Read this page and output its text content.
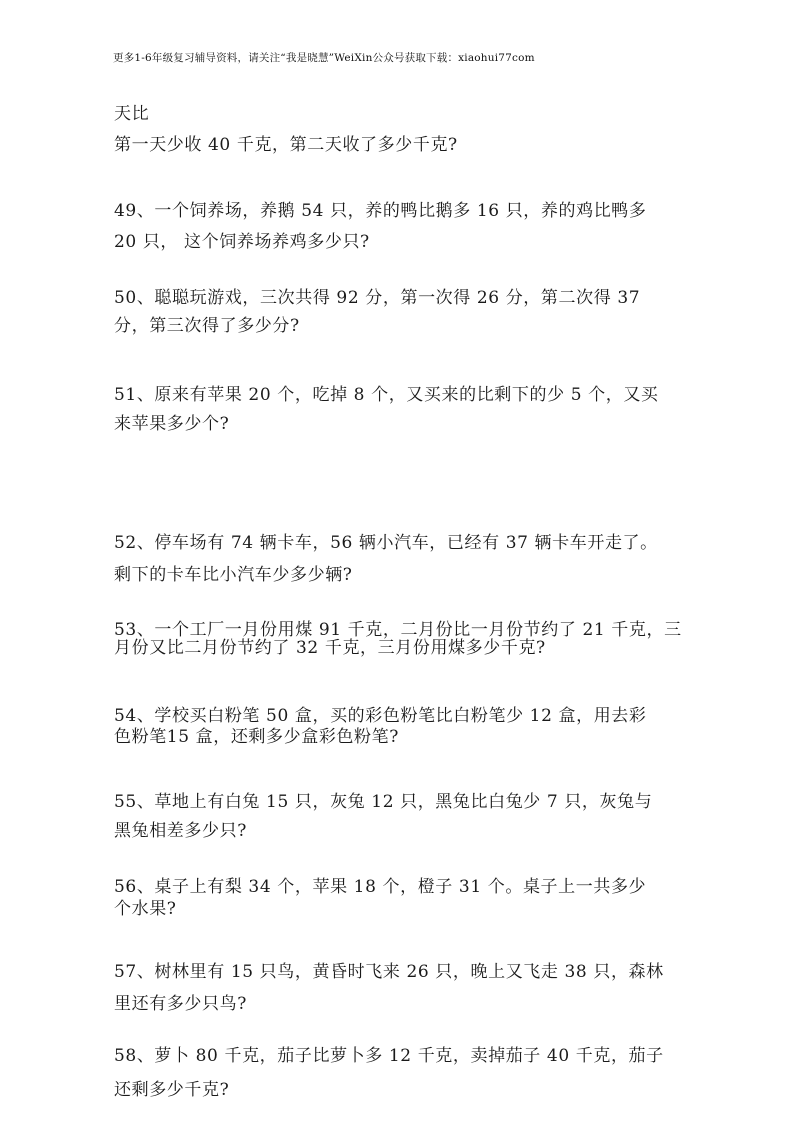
更多1-6年级复习辅导资料，请关注“我是晓慧”WeiXin公众号获取下载：xiaohui77com
天比
第一天少收 40 千克，第二天收了多少千克?
49、一个饲养场，养鹅 54 只，养的鸭比鹅多 16 只，养的鸡比鸭多
20 只， 这个饲养场养鸡多少只?
50、聪聪玩游戏，三次共得 92 分，第一次得 26 分，第二次得 37
分，第三次得了多少分?
51、原来有苹果 20 个，吃掉 8 个，又买来的比剩下的少 5 个，又买
来苹果多少个?
52、停车场有 74 辆卡车，56 辆小汽车，已经有 37 辆卡车开走了。
剩下的卡车比小汽车少多少辆?
53、一个工厂一月份用煤 91 千克，二月份比一月份节约了 21 千克，三
月份又比二月份节约了 32 千克，三月份用煤多少千克?
54、学校买白粉笔 50 盒，买的彩色粉笔比白粉笔少 12 盒，用去彩
色粉笔15 盒，还剩多少盒彩色粉笔?
55、草地上有白兔 15 只，灰兔 12 只，黑兔比白兔少 7 只，灰兔与
黑兔相差多少只?
56、桌子上有梨 34 个，苹果 18 个，橙子 31 个。桌子上一共多少
个水果?
57、树林里有 15 只鸟，黄昏时飞来 26 只，晚上又飞走 38 只，森林
里还有多少只鸟?
58、萝卜 80 千克，茄子比萝卜多 12 千克，卖掉茄子 40 千克，茄子
还剩多少千克?
